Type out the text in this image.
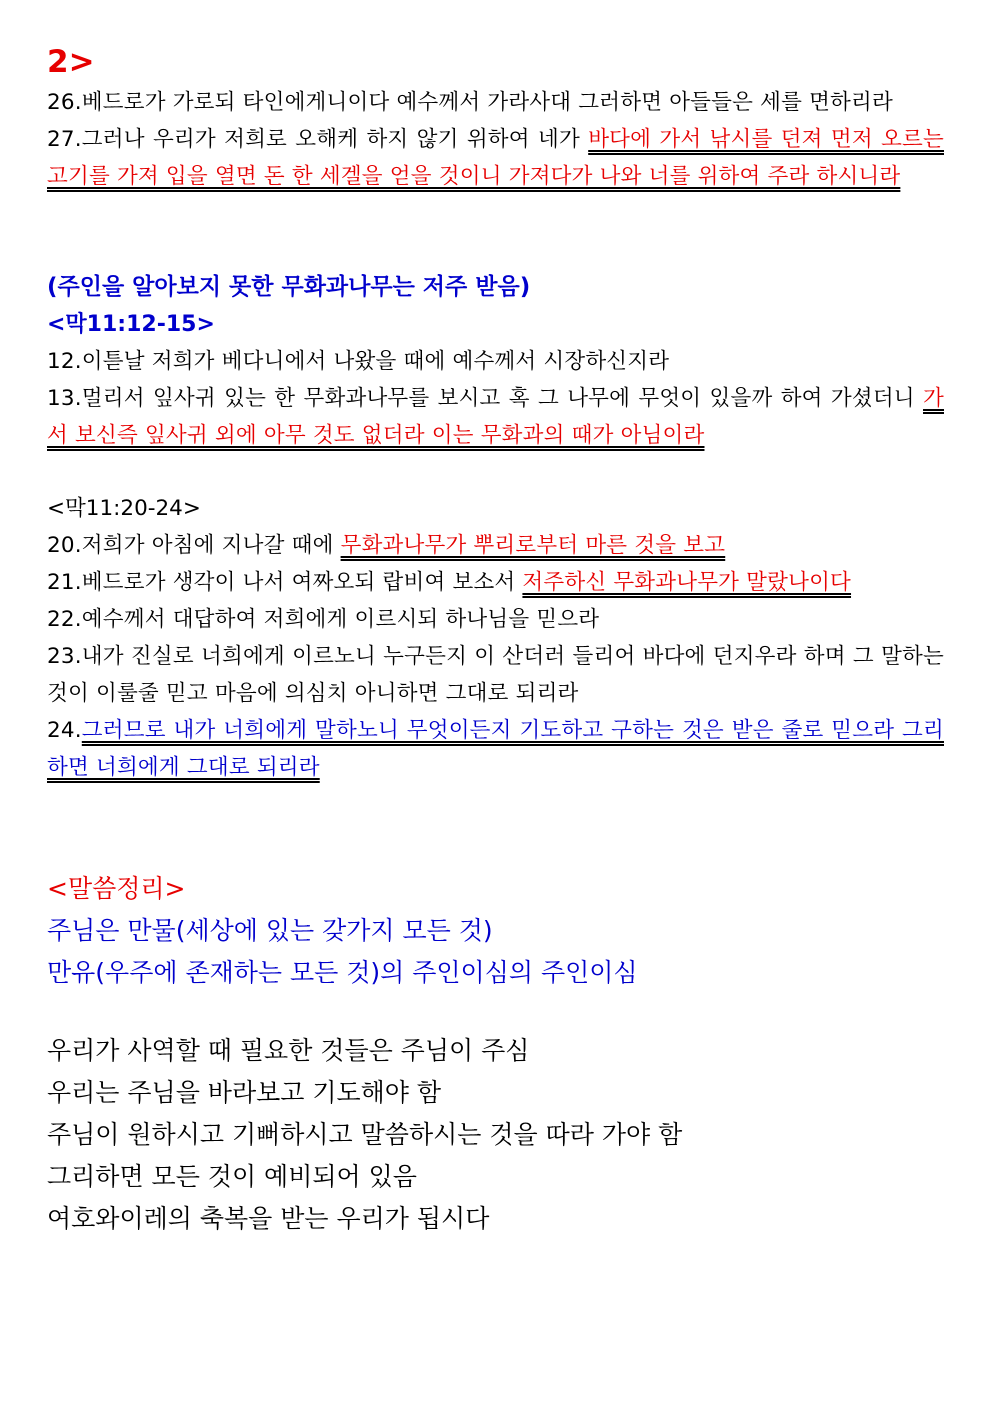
2>
26.베드로가 가로되 타인에게니이다 예수께서 가라사대 그러하면 아들들은 세를 면하리라
27.그러나 우리가 저희로 오해케 하지 않기 위하여 네가 바다에 가서 낚시를 던져 먼저 오르는 고기를 가져 입을 열면 돈 한 세겔을 얻을 것이니 가져다가 나와 너를 위하여 주라 하시니라
(주인을 알아보지 못한 무화과나무는 저주 받음)
<막11:12-15>
12.이튿날 저희가 베다니에서 나왔을 때에 예수께서 시장하신지라
13.멀리서 잎사귀 있는 한 무화과나무를 보시고 혹 그 나무에 무엇이 있을까 하여 가셨더니 가서 보신즉 잎사귀 외에 아무 것도 없더라 이는 무화과의 때가 아님이라
<막11:20-24>
20.저희가 아침에 지나갈 때에 무화과나무가 뿌리로부터 마른 것을 보고
21.베드로가 생각이 나서 여짜오되 랍비여 보소서 저주하신 무화과나무가 말랐나이다
22.예수께서 대답하여 저희에게 이르시되 하나님을 믿으라
23.내가 진실로 너희에게 이르노니 누구든지 이 산더러 들리어 바다에 던지우라 하며 그 말하는 것이 이룰줄 믿고 마음에 의심치 아니하면 그대로 되리라
24.그러므로 내가 너희에게 말하노니 무엇이든지 기도하고 구하는 것은 받은 줄로 믿으라 그리하면 너희에게 그대로 되리라
<말씀정리>
주님은 만물(세상에 있는 갖가지 모든 것)
만유(우주에 존재하는 모든 것)의 주인이심의 주인이심
우리가 사역할 때 필요한 것들은 주님이 주심
우리는 주님을 바라보고 기도해야 함
주님이 원하시고 기뻐하시고 말씀하시는 것을 따라 가야 함
그리하면 모든 것이 예비되어 있음
여호와이레의 축복을 받는 우리가 됩시다
